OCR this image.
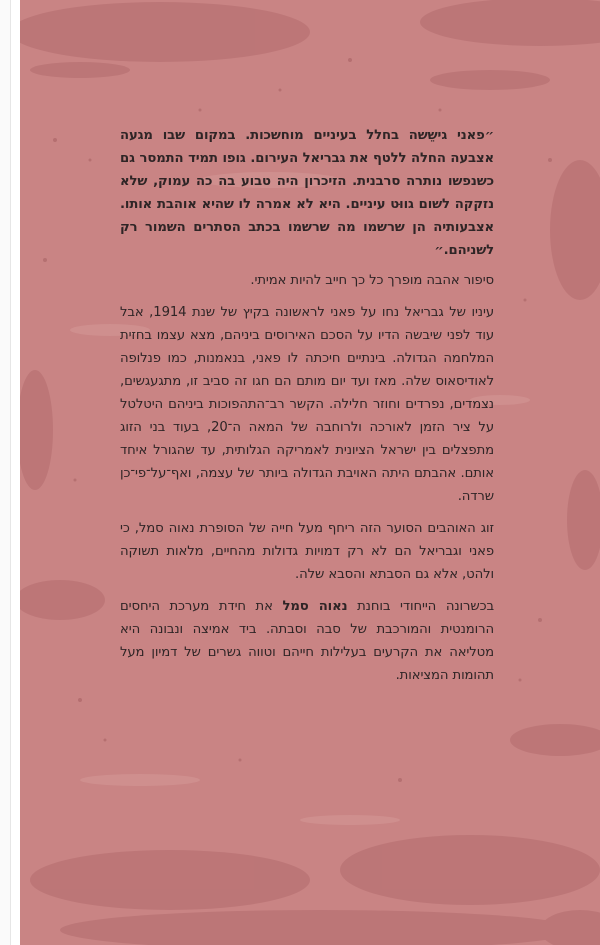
״פאני גישֵשה בחלל בעיניים מוחשכות. במקום שבו מגעה אצבעה החלה ללטף את גבריאל העירום. גופו תמיד התמסר גם כשנפשו נותרה סרבנית. הזיכרון היה טבוע בה כה עמוק, שלא נזקקה לשום גווּט עיניים. היא לא אמרה לו שהיא אוהבת אותו. אצבעותיה הן שרשמו מה שרשמו בכתב הסתרים השמור רק לשניהם.״

סיפור אהבה מופרך כל כך חייב להיות אמיתי.

עיניו של גבריאל נחו על פאני לראשונה בקיץ של שנת 1914, אבל עוד לפני שיבשה הדיו על הסכם האירוסים ביניהם, מצא עצמו בחזית המלחמה הגדולה. בינתיים חיכתה לו פאני, בנאמנות, כמו פנלופה לאודיסאוס שלה. מאז ועד יום מותם הם חגו זה סביב זו, מתגעגשים, נצמדים, נפרדים וחוזר חלילה. הקשר רב־התהפוכות ביניהם היטלטל על ציר הזמן לאורכה ולרוחבה של המאה ה־20, בעוד בני הזוג מתפצלים בין ישראל הציונית לאמריקה הגלותית, עד שהגורל איחד אותם. אהבתם היתה האויבת הגדולה ביותר של עצמה, ואף־על־פי־כן שרדה.

זוג האוהבים הסוער הזה ריחף מעל חייה של הסופרת נאוה סמל, כי פאני וגבריאל הם לא רק דמויות גדולות מהחיים, מלאות תשוקה ולהט, אלא גם הסבתא והסבא שלה.

בכשרונה הייחודי בוחנת נאוה סמל את חידת מערכת היחסים הרומנטית והמורכבת של סבה וסבתה. ביד אמיצה ונבונה היא מטליאה את הקרעים בעלילות חייהם וטווה גשרים של דמיון מעל תהומות המציאות.
